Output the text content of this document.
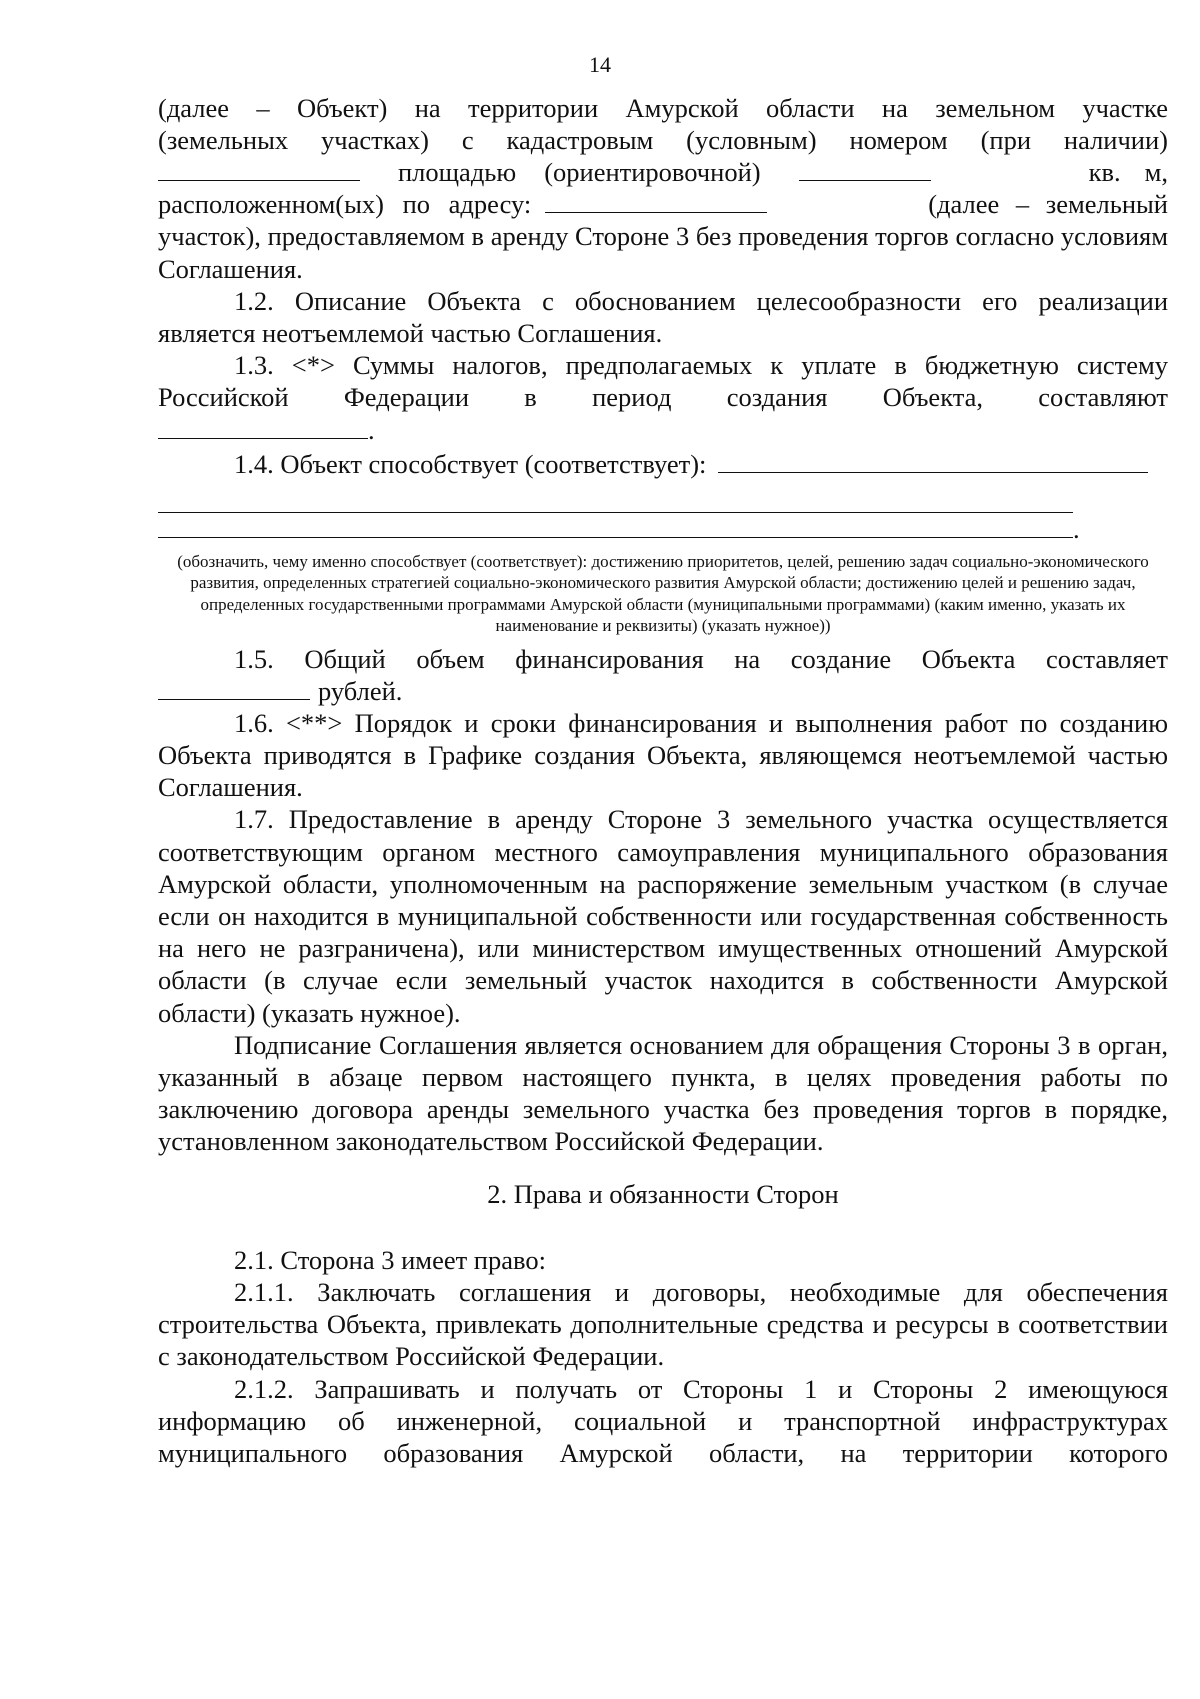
14

(далее – Объект) на территории Амурской области на земельном участке

(земельных участках) с кадастровым (условным) номером (при наличии)

площадью (ориентировочной)	кв. м,
расположенном(ых) по адресу:	(далее – земельный

участок), предоставляемом в аренду Стороне 3 без проведения торгов согласно условиям Соглашения.

1.2. Описание Объекта с обоснованием целесообразности его реализации является неотъемлемой частью Соглашения.

1.3. <*> Суммы налогов, предполагаемых к уплате в бюджетную систему Российской Федерации в период создания Объекта, составляют

.
1.4. Объект способствует (соответствует):
.
(обозначить, чему именно способствует (соответствует): достижению приоритетов, целей, решению задач социально-экономического развития, определенных стратегией социально-экономического развития Амурской области; достижению целей и решению задач, определенных государственными программами Амурской области (муниципальными программами) (каким именно, указать их наименование и реквизиты) (указать нужное))

1.5. Общий объем финансирования на создание Объекта составляет

рублей.

1.6. <**> Порядок и сроки финансирования и выполнения работ по созданию Объекта приводятся в Графике создания Объекта, являющемся неотъемлемой частью Соглашения.

1.7. Предоставление в аренду Стороне 3 земельного участка осуществляется соответствующим органом местного самоуправления муниципального образования Амурской области, уполномоченным на распоряжение земельным участком (в случае если он находится в муниципальной собственности или государственная собственность на него не разграничена), или министерством имущественных отношений Амурской области (в случае если земельный участок находится в собственности Амурской области) (указать нужное).

Подписание Соглашения является основанием для обращения Стороны 3 в орган, указанный в абзаце первом настоящего пункта, в целях проведения работы по заключению договора аренды земельного участка без проведения торгов в порядке, установленном законодательством Российской Федерации.

2. Права и обязанности Сторон

2.1. Сторона 3 имеет право:

2.1.1. Заключать соглашения и договоры, необходимые для обеспечения строительства Объекта, привлекать дополнительные средства и ресурсы в соответствии с законодательством Российской Федерации.

2.1.2. Запрашивать и получать от Стороны 1 и Стороны 2 имеющуюся информацию об инженерной, социальной и транспортной инфраструктурах муниципального образования Амурской области, на территории которого
